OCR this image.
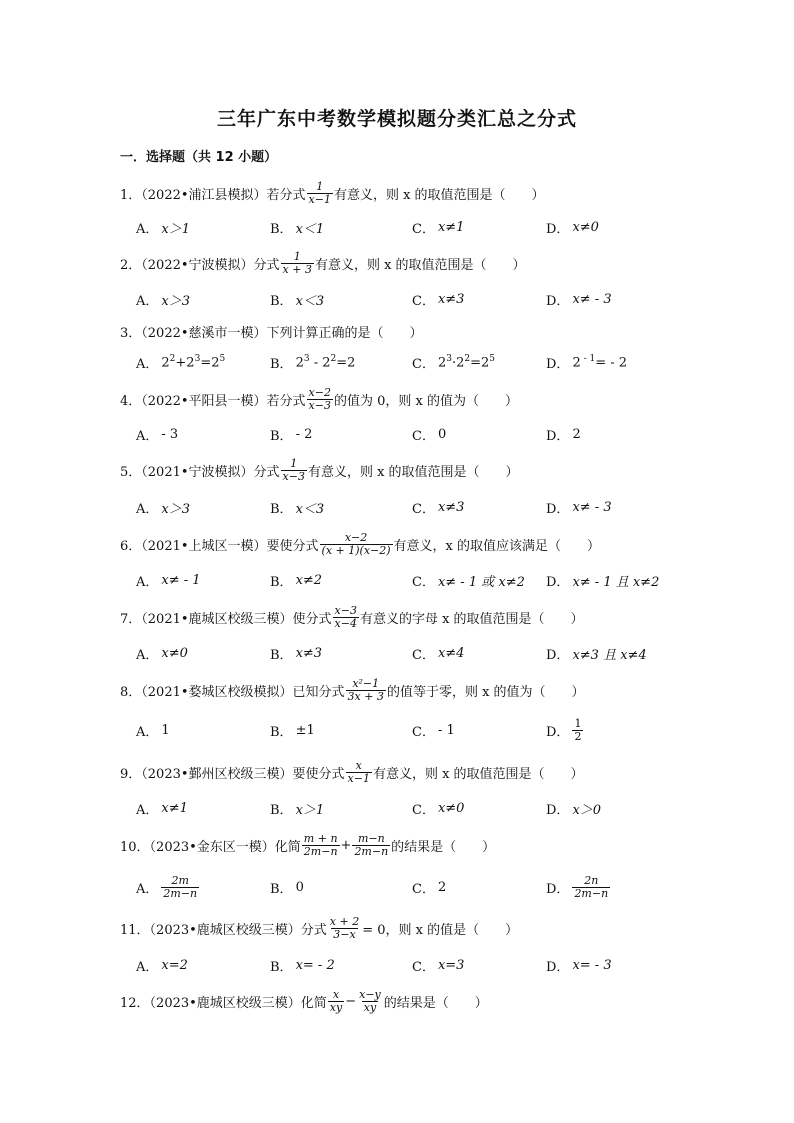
三年广东中考数学模拟题分类汇总之分式
一．选择题（共 12 小题）
1．（2022•浦江县模拟）若分式 $\frac{1}{x-1}$ 有意义，则 x 的取值范围是（　　）
A． x＞1	B． x＜1	C． x≠1	D． x≠0
2．（2022•宁波模拟）分式 $\frac{1}{x + 3}$ 有意义，则 x 的取值范围是（　　）
A． x＞3	B． x＜3	C． x≠3	D． x≠ - 3
3．（2022•慈溪市一模）下列计算正确的是（　　）
A． $2^2+2^3=2^5$	B． $2^3 - 2^2=2$	C． $2^3\cdot 2^2=2^5$	D． 2 $^{- 1}$= - 2
4．（2022•平阳县一模）若分式 $\frac{x-2}{x-3}$ 的值为 0，则 x 的值为（　　）
A． - 3	B． - 2	C． 0	D． 2
5．（2021•宁波模拟）分式 $\frac{1}{x-3}$ 有意义，则 x 的取值范围是（　　）
A． x＞3	B． x＜3	C． x≠3	D． x≠ - 3
6．（2021•上城区一模）要使分式 $\frac{x-2}{(x + 1)(x-2)}$ 有意义，x 的取值应该满足（　　）
A． x≠ - 1	B． x≠2	C． x≠ - 1 或 x≠2 D． x≠ - 1 且 x≠2
7．（2021•鹿城区校级三模）使分式 $\frac{x-3}{x-4}$ 有意义的字母 x 的取值范围是（　　）
A． x≠0	B． x≠3	C． x≠4	D． x≠3 且 x≠4
8．（2021•婺城区校级模拟）已知分式 $\frac{\text{x²−1}}{3x + 3}$ 的值等于零，则 x 的值为（　　）
A． 1	B． ±1	C． - 1	D． $\frac{1}{2}$
9．（2023•鄞州区校级三模）要使分式 $\frac{x}{x-1}$ 有意义，则 x 的取值范围是（　　）
A． x≠1	B． x＞1	C． x≠0	D． x＞0
10．（2023•金东区一模）化简 $\frac{m + n}{2m-n} + \frac{m-n}{2m-n}$ 的结果是（　　）
A． $\frac{2m}{2m-n}$	B． 0	C． 2	D． $\frac{2n}{2m-n}$
11．（2023•鹿城区校级三模）分式 $\frac{x + 2}{3-x} = 0$，则 x 的值是（　　）
A． x=2	B． x= - 2	C． x=3	D． x= - 3
12．（2023•鹿城区校级三模）化简 $\frac{x}{xy} - \frac{x-y}{xy}$ 的结果是（　　）
